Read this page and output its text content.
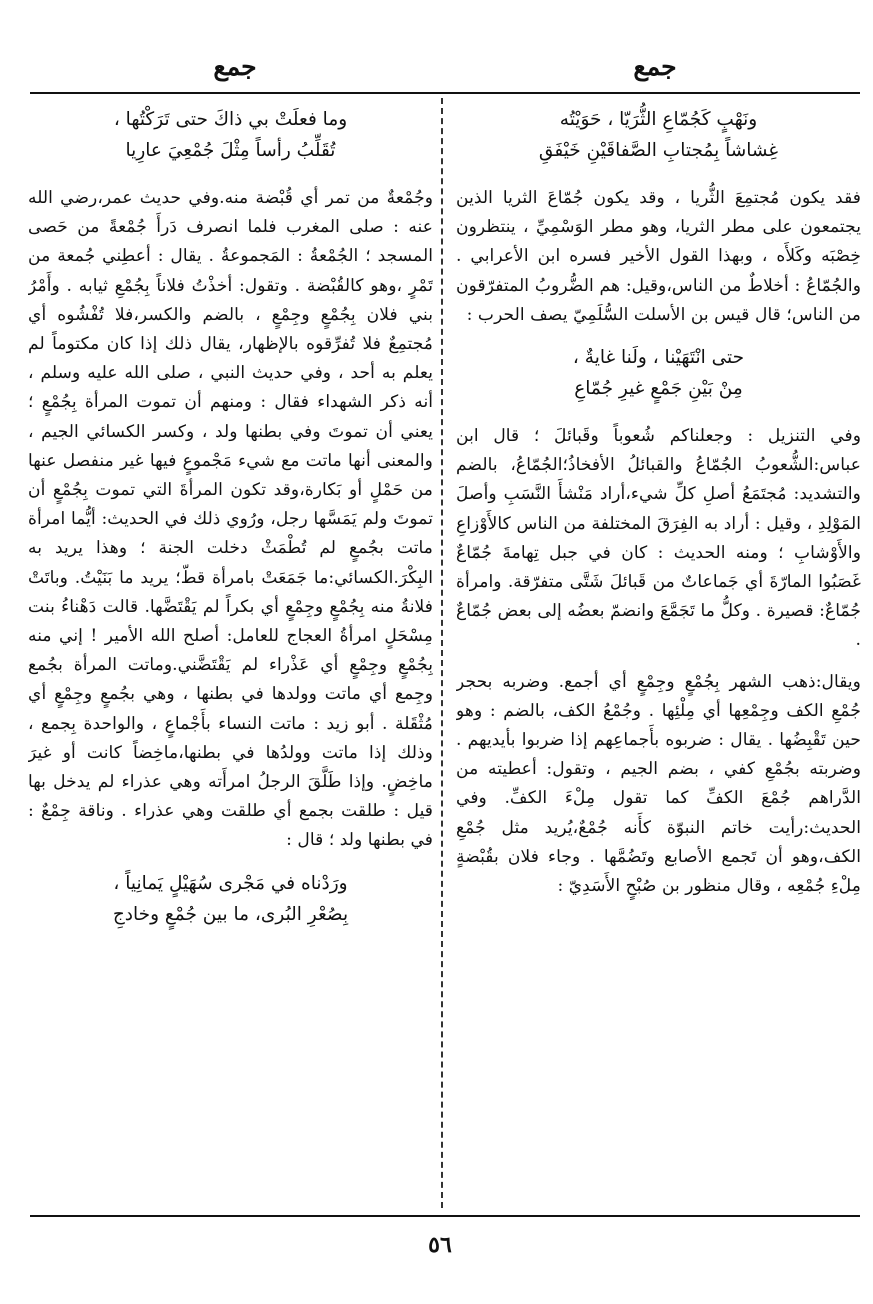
جمع
جمع
ونَهْبٍ كَجُمّاعِ الثُّرَيّا ، حَوَيْتُه
غِشاشاً بِمُجتابِ الصَّفاقَيْنِ خَيْفَقِ

فقد يكون مُجتمِعَ الثُّريا ، وقد يكون جُمّاعَ الثريا الذين يجتمعون على مطر الثريا، وهو مطر الوَسْمِيِّ ، ينتظرون خِصْبَه وكَلأَه ، وبهذا القول الأخير فسره ابن الأعرابي . والجُمّاعُ : أخلاطٌ من الناس،وقيل: هم الضُّروبُ المتفرّقون من الناس؛ قال قيس بن الأسلت السُّلَمِيّ يصف الحرب :

حتى انْتَهَيْنا ، ولَنا غايةٌ ،
مِنْ بَيْنِ جَمْعٍ غيرِ جُمّاعِ

وفي التنزيل : وجعلناكم شُعوباً وقَبائلَ ؛ قال ابن عباس:الشُّعوبُ الجُمّاعُ والقبائلُ الأفخاذُ؛الجُمّاعُ، بالضم والتشديد: مُجتَمَعُ أصلِ كلِّ شيء،أراد مَنْشأَ النَّسَبِ وأصلَ المَوْلِدِ ، وقيل : أراد به الفِرَقَ المختلفة من الناس كالأَوْزاعِ والأَوْشابِ ؛ ومنه الحديث : كان في جبل تِهامةَ جُمّاعٌ غَصَبُوا المارّةَ أي جَماعاتٌ من قَبائلَ شَتَّى متفرّقة. وامرأة جُمّاعٌ: قصيرة . وكلُّ ما تَجَمَّعَ وانضمّ بعضُه إلى بعض جُمّاعٌ .

ويقال:ذهب الشهر بِجُمْعٍ وجِمْعٍ أي أجمع. وضربه بحجر جُمْعِ الكف وجِمْعِها أي مِلْئِها . وجُمْعُ الكف، بالضم : وهو حين تَقْبِضُها . يقال : ضربوه بأَجماعِهم إذا ضربوا بأيديهم . وضربته بجُمْعِ كفي ، بضم الجيم ، وتقول: أعطيته من الدَّراهم جُمْعَ الكفِّ كما تقول مِلْءَ الكفِّ. وفي الحديث:رأيت خاتم النبوّة كأَنه جُمْعٌ،يُريد مثل جُمْعِ الكف،وهو أن تَجمع الأصابع وتَضُمَّها . وجاء فلان بقُبْضةٍ مِلْءِ جُمْعِه ، وقال منظور بن صُبْحٍ الأَسَدِيّ :

وما فعلَتْ بي ذاكَ حتى تَرَكْتُها ،
تُقَلِّبُ رأساً مِثْلَ جُمْعِيَ عارِيا

وجُمْعةٌ من تمر أي قُبْضة منه.وفي حديث عمر،رضي الله عنه : صلى المغرب فلما انصرف دَرأَ جُمْعةً من حَصى المسجد ؛ الجُمْعةُ : المَجموعةُ . يقال : أعطِني جُمعة من تَمْرٍ ،وهو كالقُبْضة . وتقول: أخذْتُ فلاناً بِجُمْعِ ثيابه . وأَمْرُ بني فلان بِجُمْعٍ وجِمْعٍ ، بالضم والكسر،فلا تُفْشُوه أي مُجتمِعٌ فلا تُفرِّقوه بالإظهار، يقال ذلك إذا كان مكتوماً لم يعلم به أحد ، وفي حديث النبي ، صلى الله عليه وسلم ، أنه ذكر الشهداء فقال : ومنهم أن تموت المرأة بِجُمْعٍ ؛ يعني أن تموتَ وفي بطنها ولد ، وكسر الكسائي الجيم ، والمعنى أنها ماتت مع شيء مَجْموعٍ فيها غير منفصل عنها من حَمْلٍ أو بَكارة،وقد تكون المرأةَ التي تموت بِجُمْعٍ أن تموتَ ولم يَمَسَّها رجل، ورُوي ذلك في الحديث: أيُّما امرأة ماتت بجُمعٍ لم تُطْمَثْ دخلت الجنة ؛ وهذا يريد به البِكْرَ.الكسائي:ما جَمَعَتْ بامرأة قطّ؛ يريد ما بَنَيْتُ. وباتَتْ فلانةُ منه بِجُمْعٍ وجِمْعٍ أي بكراً لم يَقْتَضَّها. قالت دَهْناءُ بنت مِسْحَلٍ امرأةُ العجاج للعامل: أصلح الله الأمير ! إني منه بِجُمْعٍ وجِمْعٍ أي عَذْراء لم يَقْتَضَّني.وماتت المرأة بجُمع وجِمع أي ماتت وولدها في بطنها ، وهي بجُمعٍ وجِمْعٍ أي مُثْقَلة . أبو زيد : ماتت النساء بأَجْماعٍ ، والواحدة بِجمع ، وذلك إذا ماتت وولدُها في بطنها،ماخِضاً كانت أو غيرَ ماخِضٍ. وإذا طَلَّقَ الرجلُ امرأَته وهي عذراء لم يدخل بها قيل : طلقت بجمع أي طلقت وهي عذراء . وناقة جِمْعٌ : في بطنها ولد ؛ قال :

ورَدْناه في مَجْرى سُهَيْلٍ يَمانِياً ،
بِصُعْرِ البُرى، ما بين جُمْعٍ وخادجِ
٥٦
